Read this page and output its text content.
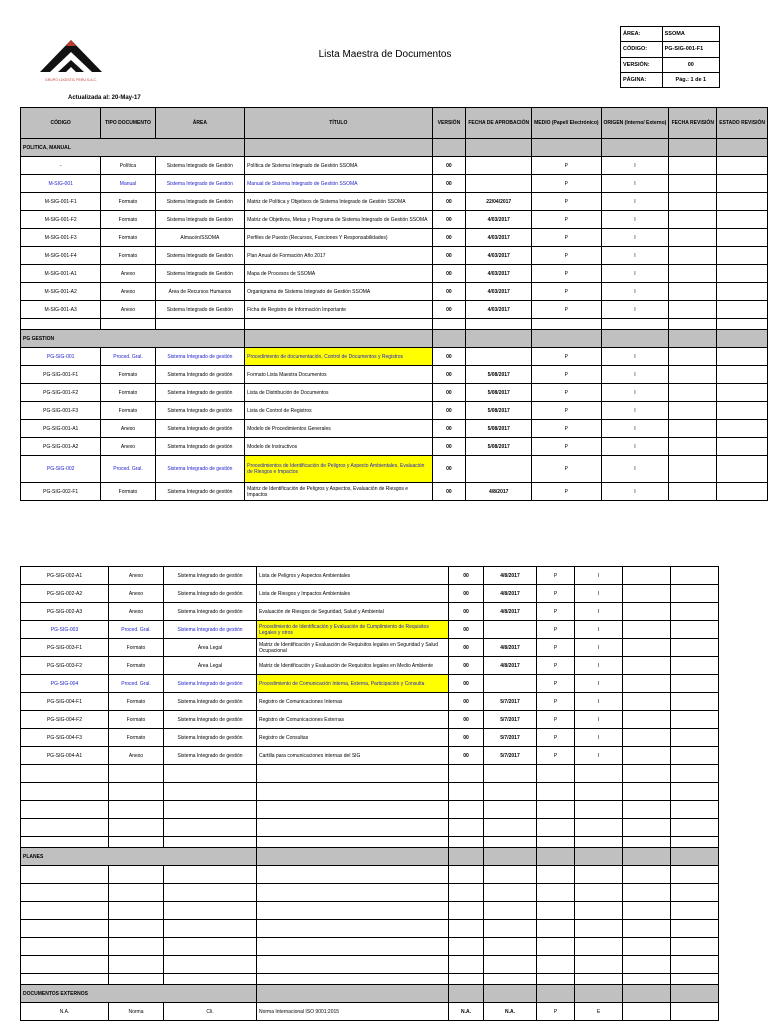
GRUPO LOGISTIC PERU S.A.C.
Lista Maestra de Documentos
ÁREA:	SSOMA
CÓDIGO:	PG-SIG-001-F1
VERSIÓN:	00
PÁGINA:	Pág.: 1 de 1
Actualizada al: 20-May-17
CÓDIGO	TIPO DOCUMENTO	ÁREA	TÍTULO	VERSIÓN	FECHA DE APROBACIÓN	MEDIO (Papel/ Electrónico)	ORIGEN (Interno/ Externo)	FECHA REVISIÓN	ESTADO REVISIÓN
POLITICA, MANUAL									
-	Política	Sistema Integrado de Gestión	Política de Sistema Integrado de Gestión SSOMA	00		P	I		
M-SIG-001	Manual	Sistema Integrado de Gestión	Manual de Sistema Integrado de Gestión SSOMA	00		P	I		
M-SIG-001-F1	Formato	Sistema Integrado de Gestión	Matriz de Política y Objetivos de Sistema Integrado de Gestión SSOMA	00	22/04/2017	P	I		
M-SIG-001-F2	Formato	Sistema Integrado de Gestión	Matriz de Objetivos, Metas y Programa de Sistema Integrado de Gestión SSOMA	00	4/03/2017	P	I		
M-SIG-001-F3	Formato	Almacén/SSOMA	Perfiles de Puesto (Recursos, Funciones Y Responsabilidades)	00	4/03/2017	P	I		
M-SIG-001-F4	Formato	Sistema Integrado de Gestión	Plan Anual de Formación Año 2017	00	4/03/2017	P	I		
M-SIG-001-A1	Anexo	Sistema Integrado de Gestión	Mapa de Procesos de SSOMA	00	4/03/2017	P	I		
M-SIG-001-A2	Anexo	Área de Recursos Humanos	Organigrama de Sistema Integrado de Gestión SSOMA	00	4/03/2017	P	I		
M-SIG-001-A3	Anexo	Sistema Integrado de Gestión	Ficha de Registro de Información Importante	00	4/03/2017	P	I		

PG GESTION									
PG-SIG-001	Proced. Gral.	Sistema Integrado de gestión	Procedimiento de documentación, Control de Documentos y Registros	00		P	I		
PG-SIG-001-F1	Formato	Sistema Integrado de gestión	Formato Lista Maestra Documentos	00	5/08/2017	P	I		
PG-SIG-001-F2	Formato	Sistema Integrado de gestión	Lista de Distribución de Documentos	00	5/08/2017	P	I		
PG-SIG-001-F3	Formato	Sistema Integrado de gestión	Lista de Control de Registros	00	5/08/2017	P	I		
PG-SIG-001-A1	Anexo	Sistema Integrado de gestión	Modelo de Procedimientos Generales	00	5/08/2017	P	I		
PG-SIG-001-A2	Anexo	Sistema Integrado de gestión	Modelo de Instructivos	00	5/08/2017	P	I		
PG-SIG-002	Proced. Gral.	Sistema Integrado de gestión	Procedimientos de Identificación de Peligros y Aspecto Ambientales, Evaluación de Riesgos e Impactos	00		P	I		
PG-SIG-002-F1	Formato	Sistema Integrado de gestión	Matriz de Identificación de Peligros y Aspectos, Evaluación de Riesgos e Impactos	00	4/8/2017	P	I		
PG-SIG-002-A1	Anexo	Sistema Integrado de gestión	Lista de Peligros y Aspectos Ambientales	00	4/8/2017	P	I		
PG-SIG-002-A2	Anexo	Sistema Integrado de gestión	Lista de Riesgos y Impactos Ambientales	00	4/8/2017	P	I		
PG-SIG-002-A3	Anexo	Sistema Integrado de gestión	Evaluación de Riesgos de Seguridad, Salud y Ambiental	00	4/8/2017	P	I		
PG-SIG-003	Proced. Gral.	Sistema Integrado de gestión	Procedimiento de Identificación y Evaluación de Cumplimiento de Requisitos Legales y otros	00		P	I		
PG-SIG-003-F1	Formato	Área Legal	Matriz de Identificación y Evaluación de Requisitos legales en Seguridad y Salud Ocupacional	00	4/8/2017	P	I		
PG-SIG-003-F2	Formato	Área Legal	Matriz de Identificación y Evaluación de Requisitos legales en Medio Ambiente	00	4/8/2017	P	I		
PG-SIG-004	Proced. Gral.	Sistema Integrado de gestión	Procedimiento de Comunicación Interna, Externa, Participación y Consulta	00		P	I		
PG-SIG-004-F1	Formato	Sistema Integrado de gestión	Registro de Comunicaciones Internas	00	5/7/2017	P	I		
PG-SIG-004-F2	Formato	Sistema Integrado de gestión	Registro de Comunicaciones Externas	00	5/7/2017	P	I		
PG-SIG-004-F3	Formato	Sistema Integrado de gestión	Registro de Consultas	00	5/7/2017	P	I		
PG-SIG-004-A1	Anexo	Sistema Integrado de gestión	Cartilla para comunicaciones internas del SIG	00	5/7/2017	P	I		

PLANES									

DOCUMENTOS EXTERNOS									
N.A.	Norma	Cli.	Norma Internacional ISO 9001:2015	N.A.	N.A.	P	E		
